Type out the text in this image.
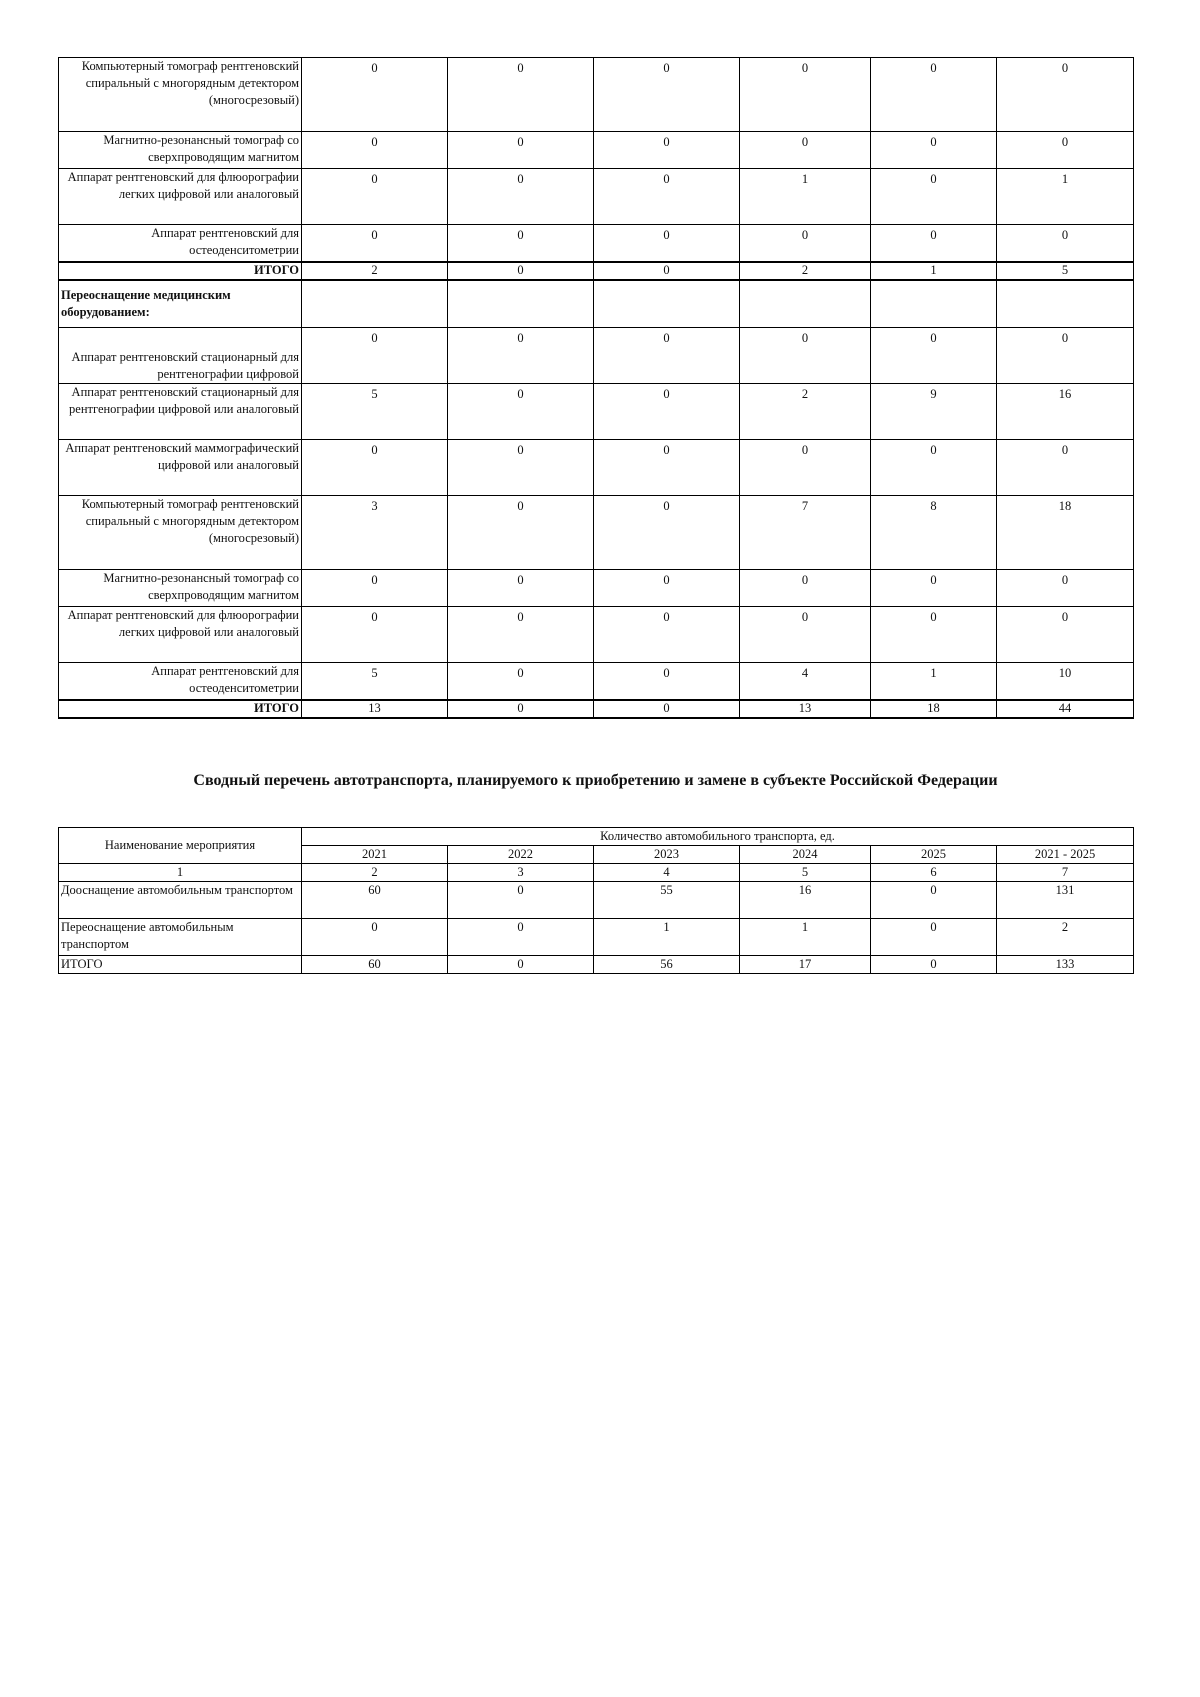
Компьютерный томограф рентгеновский спиральный с многорядным детектором (многосрезовый)	0	0	0	0	0	0
Магнитно-резонансный томограф со сверхпроводящим магнитом	0	0	0	0	0	0
Аппарат рентгеновский для флюорографии легких цифровой или аналоговый	0	0	0	1	0	1
Аппарат рентгеновский для остеоденситометрии	0	0	0	0	0	0
ИТОГО	2	0	0	2	1	5
Переоснащение медицинским оборудованием:						
Аппарат рентгеновский стационарный для рентгенографии цифровой	0	0	0	0	0	0
Аппарат рентгеновский стационарный для рентгенографии цифровой или аналоговый	5	0	0	2	9	16
Аппарат рентгеновский маммографический цифровой или аналоговый	0	0	0	0	0	0
Компьютерный томограф рентгеновский спиральный с многорядным детектором (многосрезовый)	3	0	0	7	8	18
Магнитно-резонансный томограф со сверхпроводящим магнитом	0	0	0	0	0	0
Аппарат рентгеновский для флюорографии легких цифровой или аналоговый	0	0	0	0	0	0
Аппарат рентгеновский для остеоденситометрии	5	0	0	4	1	10
ИТОГО	13	0	0	13	18	44
Сводный перечень автотранспорта, планируемого к приобретению и замене в субъекте Российской Федерации
Наименование мероприятия	Количество автомобильного транспорта, ед.					
	2021	2022	2023	2024	2025	2021 - 2025
1	2	3	4	5	6	7
Дооснащение автомобильным транспортом	60	0	55	16	0	131
Переоснащение автомобильным транспортом	0	0	1	1	0	2
ИТОГО	60	0	56	17	0	133
